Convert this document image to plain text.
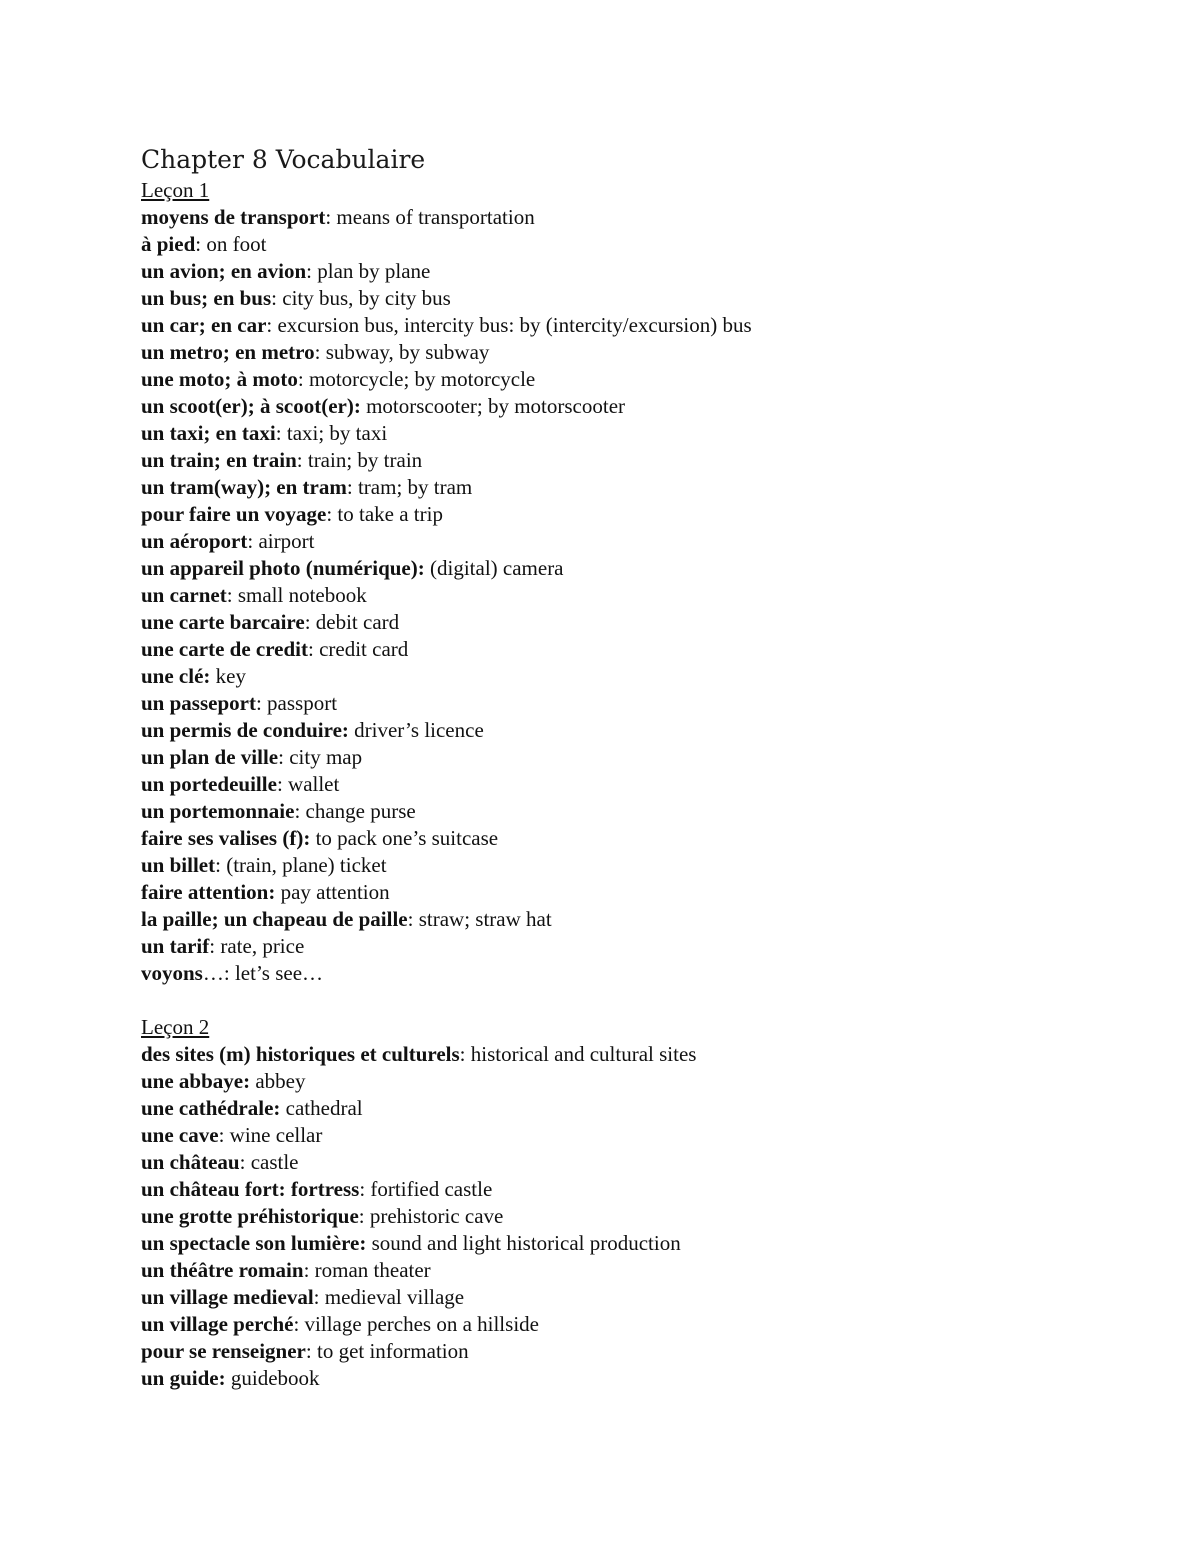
Chapter 8 Vocabulaire

Leçon 1

moyens de transport: means of transportation

à pied: on foot

un avion; en avion: plan by plane

un bus; en bus: city bus, by city bus

un car; en car: excursion bus, intercity bus: by (intercity/excursion) bus

un metro; en metro: subway, by subway

une moto; à moto: motorcycle; by motorcycle

un scoot(er); à scoot(er): motorscooter; by motorscooter

un taxi; en taxi: taxi; by taxi

un train; en train: train; by train

un tram(way); en tram: tram; by tram

pour faire un voyage: to take a trip

un aéroport: airport

un appareil photo (numérique): (digital) camera

un carnet: small notebook

une carte barcaire: debit card

une carte de credit: credit card

une clé: key

un passeport: passport

un permis de conduire: driver’s licence

un plan de ville: city map

un portedeuille: wallet

un portemonnaie: change purse

faire ses valises (f): to pack one’s suitcase

un billet: (train, plane) ticket

faire attention: pay attention

la paille; un chapeau de paille: straw; straw hat

un tarif: rate, price

voyons…: let’s see…

Leçon 2

des sites (m) historiques et culturels: historical and cultural sites

une abbaye: abbey

une cathédrale: cathedral

une cave: wine cellar

un château: castle

un château fort: fortress: fortified castle

une grotte préhistorique: prehistoric cave

un spectacle son lumière: sound and light historical production

un théâtre romain: roman theater

un village medieval: medieval village

un village perché: village perches on a hillside

pour se renseigner: to get information

un guide: guidebook
